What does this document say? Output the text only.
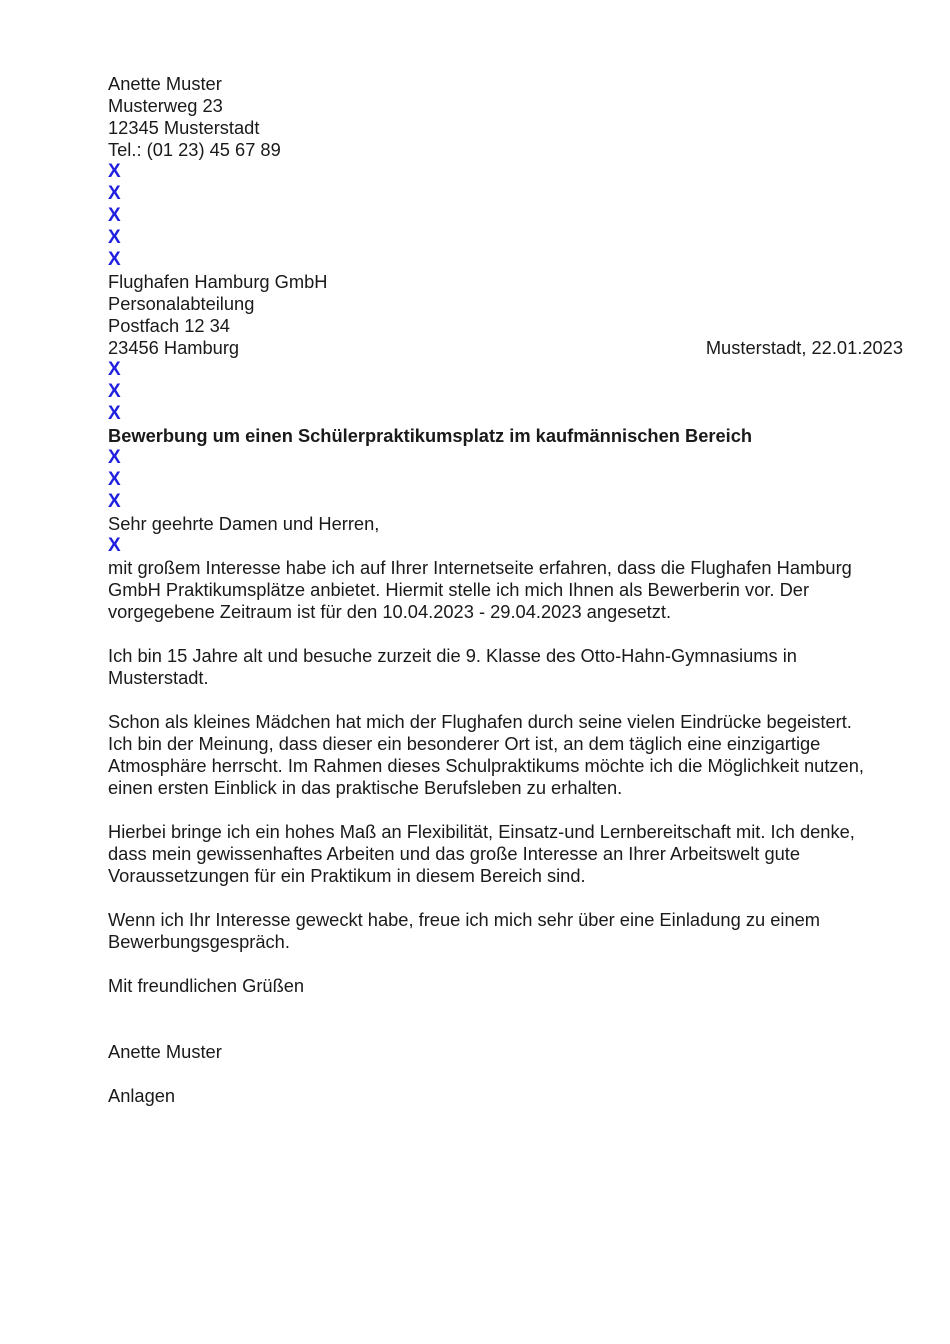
Anette Muster
Musterweg 23
12345 Musterstadt
Tel.: (01 23) 45 67 89
X
X
X
X
X
Flughafen Hamburg GmbH
Personalabteilung
Postfach 12 34
23456 Hamburg	Musterstadt, 22.01.2023
X
X
X
Bewerbung um einen Schülerpraktikumsplatz im kaufmännischen Bereich
X
X
X
Sehr geehrte Damen und Herren,
X
mit großem Interesse habe ich auf Ihrer Internetseite erfahren, dass die Flughafen Hamburg
GmbH Praktikumsplätze anbietet. Hiermit stelle ich mich Ihnen als Bewerberin vor. Der
vorgegebene Zeitraum ist für den 10.04.2023 - 29.04.2023 angesetzt.
Ich bin 15 Jahre alt und besuche zurzeit die 9. Klasse des Otto-Hahn-Gymnasiums in
Musterstadt.
Schon als kleines Mädchen hat mich der Flughafen durch seine vielen Eindrücke begeistert.
Ich bin der Meinung, dass dieser ein besonderer Ort ist, an dem täglich eine einzigartige
Atmosphäre herrscht. Im Rahmen dieses Schulpraktikums möchte ich die Möglichkeit nutzen,
einen ersten Einblick in das praktische Berufsleben zu erhalten.
Hierbei bringe ich ein hohes Maß an Flexibilität, Einsatz-und Lernbereitschaft mit. Ich denke,
dass mein gewissenhaftes Arbeiten und das große Interesse an Ihrer Arbeitswelt gute
Voraussetzungen für ein Praktikum in diesem Bereich sind.
Wenn ich Ihr Interesse geweckt habe, freue ich mich sehr über eine Einladung zu einem
Bewerbungsgespräch.
Mit freundlichen Grüßen
Anette Muster
Anlagen
